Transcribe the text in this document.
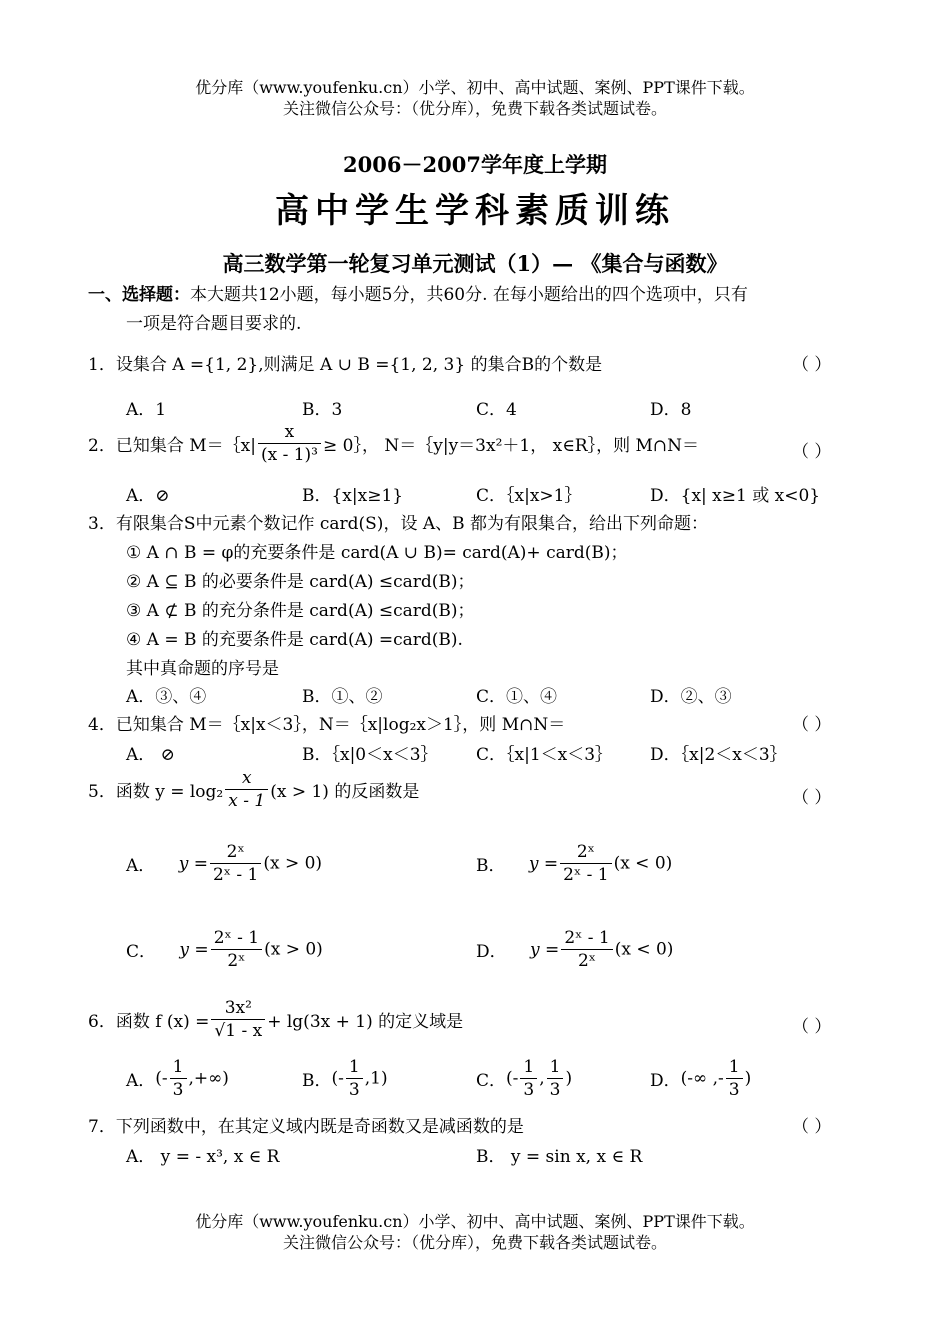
优分库（www.youfenku.cn）小学、初中、高中试题、案例、PPT课件下载。
关注微信公众号：（优分库），免费下载各类试题试卷。
2006－2007学年度上学期
高中学生学科素质训练
高三数学第一轮复习单元测试（1）— 《集合与函数》
一、选择题：本大题共12小题，每小题5分，共60分. 在每小题给出的四个选项中，只有
一项是符合题目要求的.
1．设集合 A ={1, 2},则满足 A ∪ B ={1, 2, 3} 的集合B的个数是	（ ）
A．1	B．3	C．4	D．8
2．已知集合 M＝｛x| $\frac{x}{\text{(x - 1)³}}$ ≥ 0｝， N＝｛y|y＝3x²＋1， x∈R｝，则 M∩N＝	（ ）
A．⊘	B．{x|x≥1}	C．｛x|x>1｝	D．{x| x≥1 或 x<0}
3．有限集合S中元素个数记作 card(S)，设 A、B 都为有限集合，给出下列命题：
① A ∩ B = φ的充要条件是 card(A ∪ B)= card(A)+ card(B)；
② A ⊆ B 的必要条件是 card(A) ≤card(B)；
③ A ⊄ B 的充分条件是 card(A) ≤card(B)；
④ A = B 的充要条件是 card(A) =card(B).
其中真命题的序号是
A．③、④	B．①、②	C．①、④	D．②、③
4．已知集合 M＝｛x|x＜3｝，N＝｛x|log₂x＞1｝，则 M∩N＝	（ ）
A． ⊘	B．｛x|0＜x＜3｝ C．｛x|1＜x＜3｝ D．｛x|2＜x＜3｝
5．函数 $y = \log_2 \frac{x}{x - 1} (x > 1)$ 的反函数是	（ ）
A． $y = \frac{\text{2ˣ}}{\text{2ˣ - 1}} (x > 0)$	B． $y = \frac{\text{2ˣ}}{\text{2ˣ - 1}} (x < 0)$
C． $y = \frac{\text{2ˣ - 1}}{\text{2ˣ}} (x > 0)$	D． $y = \frac{\text{2ˣ - 1}}{\text{2ˣ}} (x < 0)$
6．函数 f $(x) = \frac{\text{3x²}}{√1 - x} + \lg(3x + 1)$ 的定义域是	（ ）
A．(- $\frac{1}{3}$ ,+∞)	B．(- $\frac{1}{3} ,1$)	C．(- $\frac{1}{3}$ , $\frac{1}{3}$ )	D．(-∞ ,- $\frac{1}{3}$ )
7．下列函数中，在其定义域内既是奇函数又是减函数的是	（ ）
A． y = - x³, x ∈ R	B． y = sin x, x ∈ R
优分库（www.youfenku.cn）小学、初中、高中试题、案例、PPT课件下载。
关注微信公众号：（优分库），免费下载各类试题试卷。
